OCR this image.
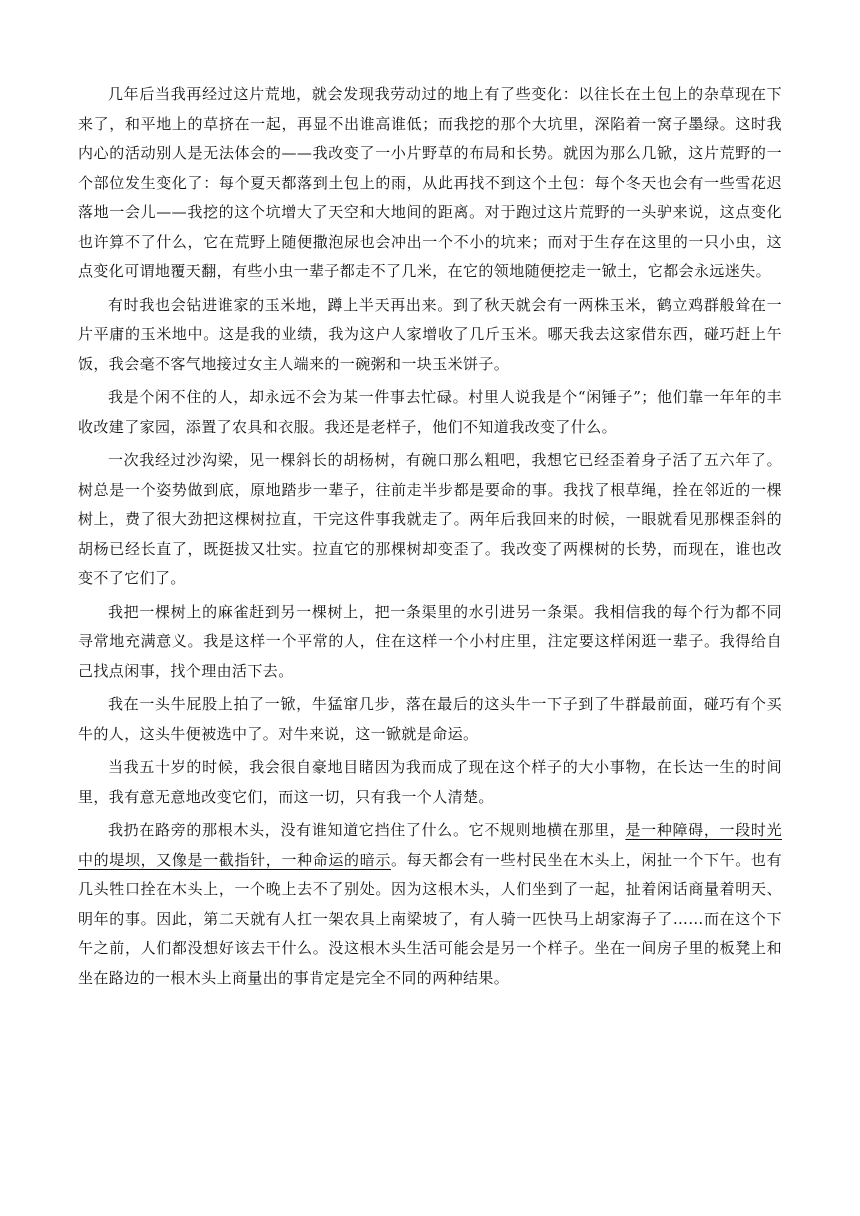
几年后当我再经过这片荒地，就会发现我劳动过的地上有了些变化：以往长在土包上的杂草现在下来了，和平地上的草挤在一起，再显不出谁高谁低；而我挖的那个大坑里，深陷着一窝子墨绿。这时我内心的活动别人是无法体会的——我改变了一小片野草的布局和长势。就因为那么几锨，这片荒野的一个部位发生变化了：每个夏天都落到土包上的雨，从此再找不到这个土包：每个冬天也会有一些雪花迟落地一会儿——我挖的这个坑增大了天空和大地间的距离。对于跑过这片荒野的一头驴来说，这点变化也许算不了什么，它在荒野上随便撒泡尿也会冲出一个不小的坑来；而对于生存在这里的一只小虫，这点变化可谓地覆天翻，有些小虫一辈子都走不了几米，在它的领地随便挖走一锨土，它都会永远迷失。

有时我也会钻进谁家的玉米地，蹲上半天再出来。到了秋天就会有一两株玉米，鹤立鸡群般耸在一片平庸的玉米地中。这是我的业绩，我为这户人家增收了几斤玉米。哪天我去这家借东西，碰巧赶上午饭，我会毫不客气地接过女主人端来的一碗粥和一块玉米饼子。

我是个闲不住的人，却永远不会为某一件事去忙碌。村里人说我是个“闲锤子”；他们靠一年年的丰收改建了家园，添置了农具和衣服。我还是老样子，他们不知道我改变了什么。

一次我经过沙沟梁，见一棵斜长的胡杨树，有碗口那么粗吧，我想它已经歪着身子活了五六年了。树总是一个姿势做到底，原地踏步一辈子，往前走半步都是要命的事。我找了根草绳，拴在邻近的一棵树上，费了很大劲把这棵树拉直，干完这件事我就走了。两年后我回来的时候，一眼就看见那棵歪斜的胡杨已经长直了，既挺拔又壮实。拉直它的那棵树却变歪了。我改变了两棵树的长势，而现在，谁也改变不了它们了。

我把一棵树上的麻雀赶到另一棵树上，把一条渠里的水引进另一条渠。我相信我的每个行为都不同寻常地充满意义。我是这样一个平常的人，住在这样一个小村庄里，注定要这样闲逛一辈子。我得给自己找点闲事，找个理由活下去。

我在一头牛屁股上拍了一锨，牛猛窜几步，落在最后的这头牛一下子到了牛群最前面，碰巧有个买牛的人，这头牛便被选中了。对牛来说，这一锨就是命运。

当我五十岁的时候，我会很自豪地目睹因为我而成了现在这个样子的大小事物，在长达一生的时间里，我有意无意地改变它们，而这一切，只有我一个人清楚。

我扔在路旁的那根木头，没有谁知道它挡住了什么。它不规则地横在那里，是一种障碍，一段时光中的堤坝，又像是一截指针，一种命运的暗示。每天都会有一些村民坐在木头上，闲扯一个下午。也有几头牲口拴在木头上，一个晚上去不了别处。因为这根木头，人们坐到了一起，扯着闲话商量着明天、明年的事。因此，第二天就有人扛一架农具上南梁坡了，有人骑一匹快马上胡家海子了……而在这个下午之前，人们都没想好该去干什么。没这根木头生活可能会是另一个样子。坐在一间房子里的板凳上和坐在路边的一根木头上商量出的事肯定是完全不同的两种结果。
